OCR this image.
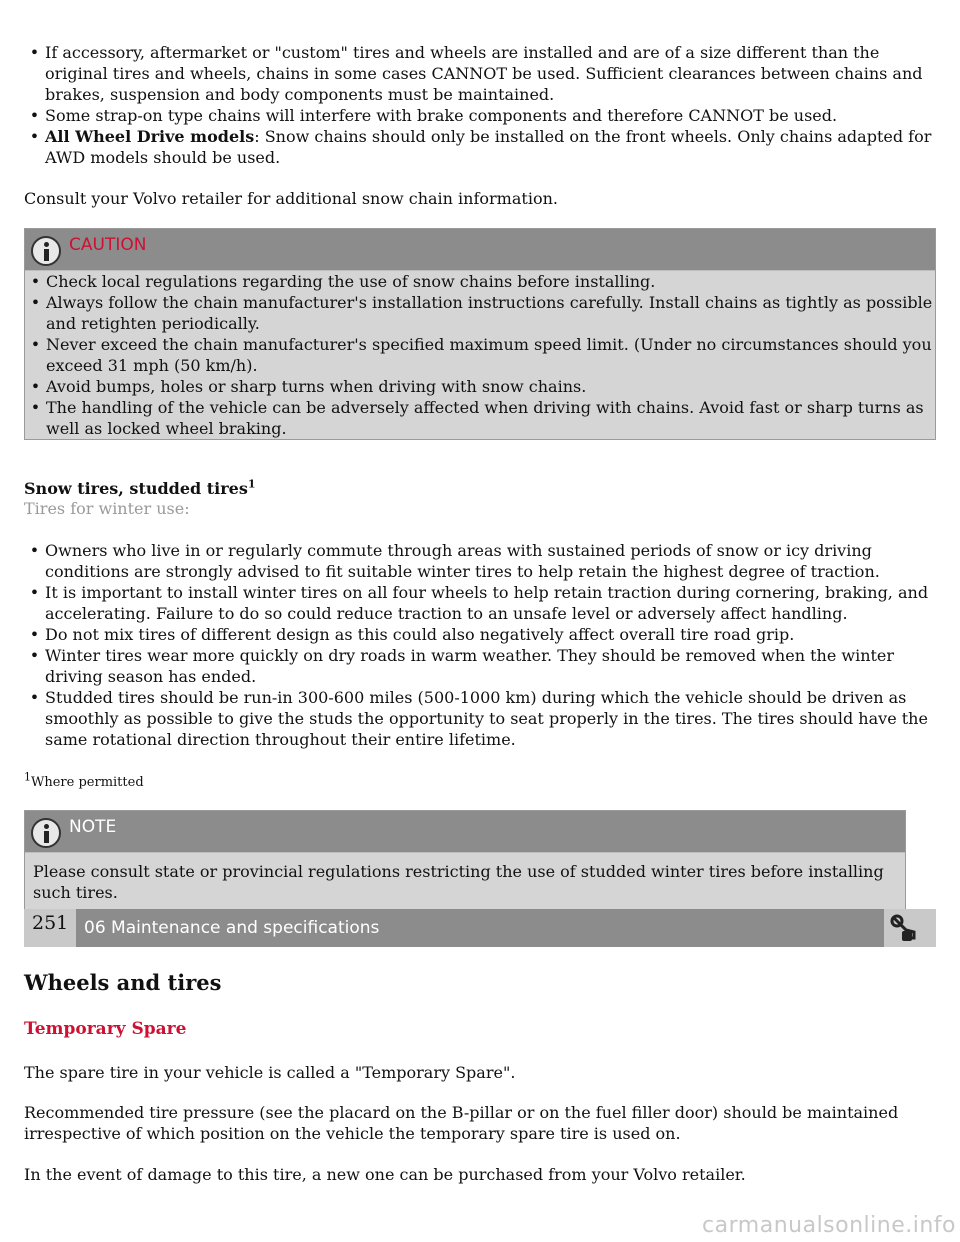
• If accessory, aftermarket or "custom" tires and wheels are installed and are of a size different than the original tires and wheels, chains in some cases CANNOT be used. Sufficient clearances between chains and brakes, suspension and body components must be maintained.
• Some strap-on type chains will interfere with brake components and therefore CANNOT be used.
• All Wheel Drive models: Snow chains should only be installed on the front wheels. Only chains adapted for AWD models should be used.
Consult your Volvo retailer for additional snow chain information.
CAUTION
• Check local regulations regarding the use of snow chains before installing.
• Always follow the chain manufacturer's installation instructions carefully. Install chains as tightly as possible and retighten periodically.
• Never exceed the chain manufacturer's specified maximum speed limit. (Under no circumstances should you exceed 31 mph (50 km/h).
• Avoid bumps, holes or sharp turns when driving with snow chains.
• The handling of the vehicle can be adversely affected when driving with chains. Avoid fast or sharp turns as well as locked wheel braking.
Snow tires, studded tires$^1$
Tires for winter use:
• Owners who live in or regularly commute through areas with sustained periods of snow or icy driving conditions are strongly advised to fit suitable winter tires to help retain the highest degree of traction.
• It is important to install winter tires on all four wheels to help retain traction during cornering, braking, and accelerating. Failure to do so could reduce traction to an unsafe level or adversely affect handling.
• Do not mix tires of different design as this could also negatively affect overall tire road grip.
• Winter tires wear more quickly on dry roads in warm weather. They should be removed when the winter driving season has ended.
• Studded tires should be run-in 300-600 miles (500-1000 km) during which the vehicle should be driven as smoothly as possible to give the studs the opportunity to seat properly in the tires. The tires should have the same rotational direction throughout their entire lifetime.
$^1$Where permitted
NOTE
Please consult state or provincial regulations restricting the use of studded winter tires before installing such tires.
251 06 Maintenance and specifications
Wheels and tires
Temporary Spare
The spare tire in your vehicle is called a "Temporary Spare".
Recommended tire pressure (see the placard on the B-pillar or on the fuel filler door) should be maintained irrespective of which position on the vehicle the temporary spare tire is used on.
In the event of damage to this tire, a new one can be purchased from your Volvo retailer.
carmanualsonline.info
